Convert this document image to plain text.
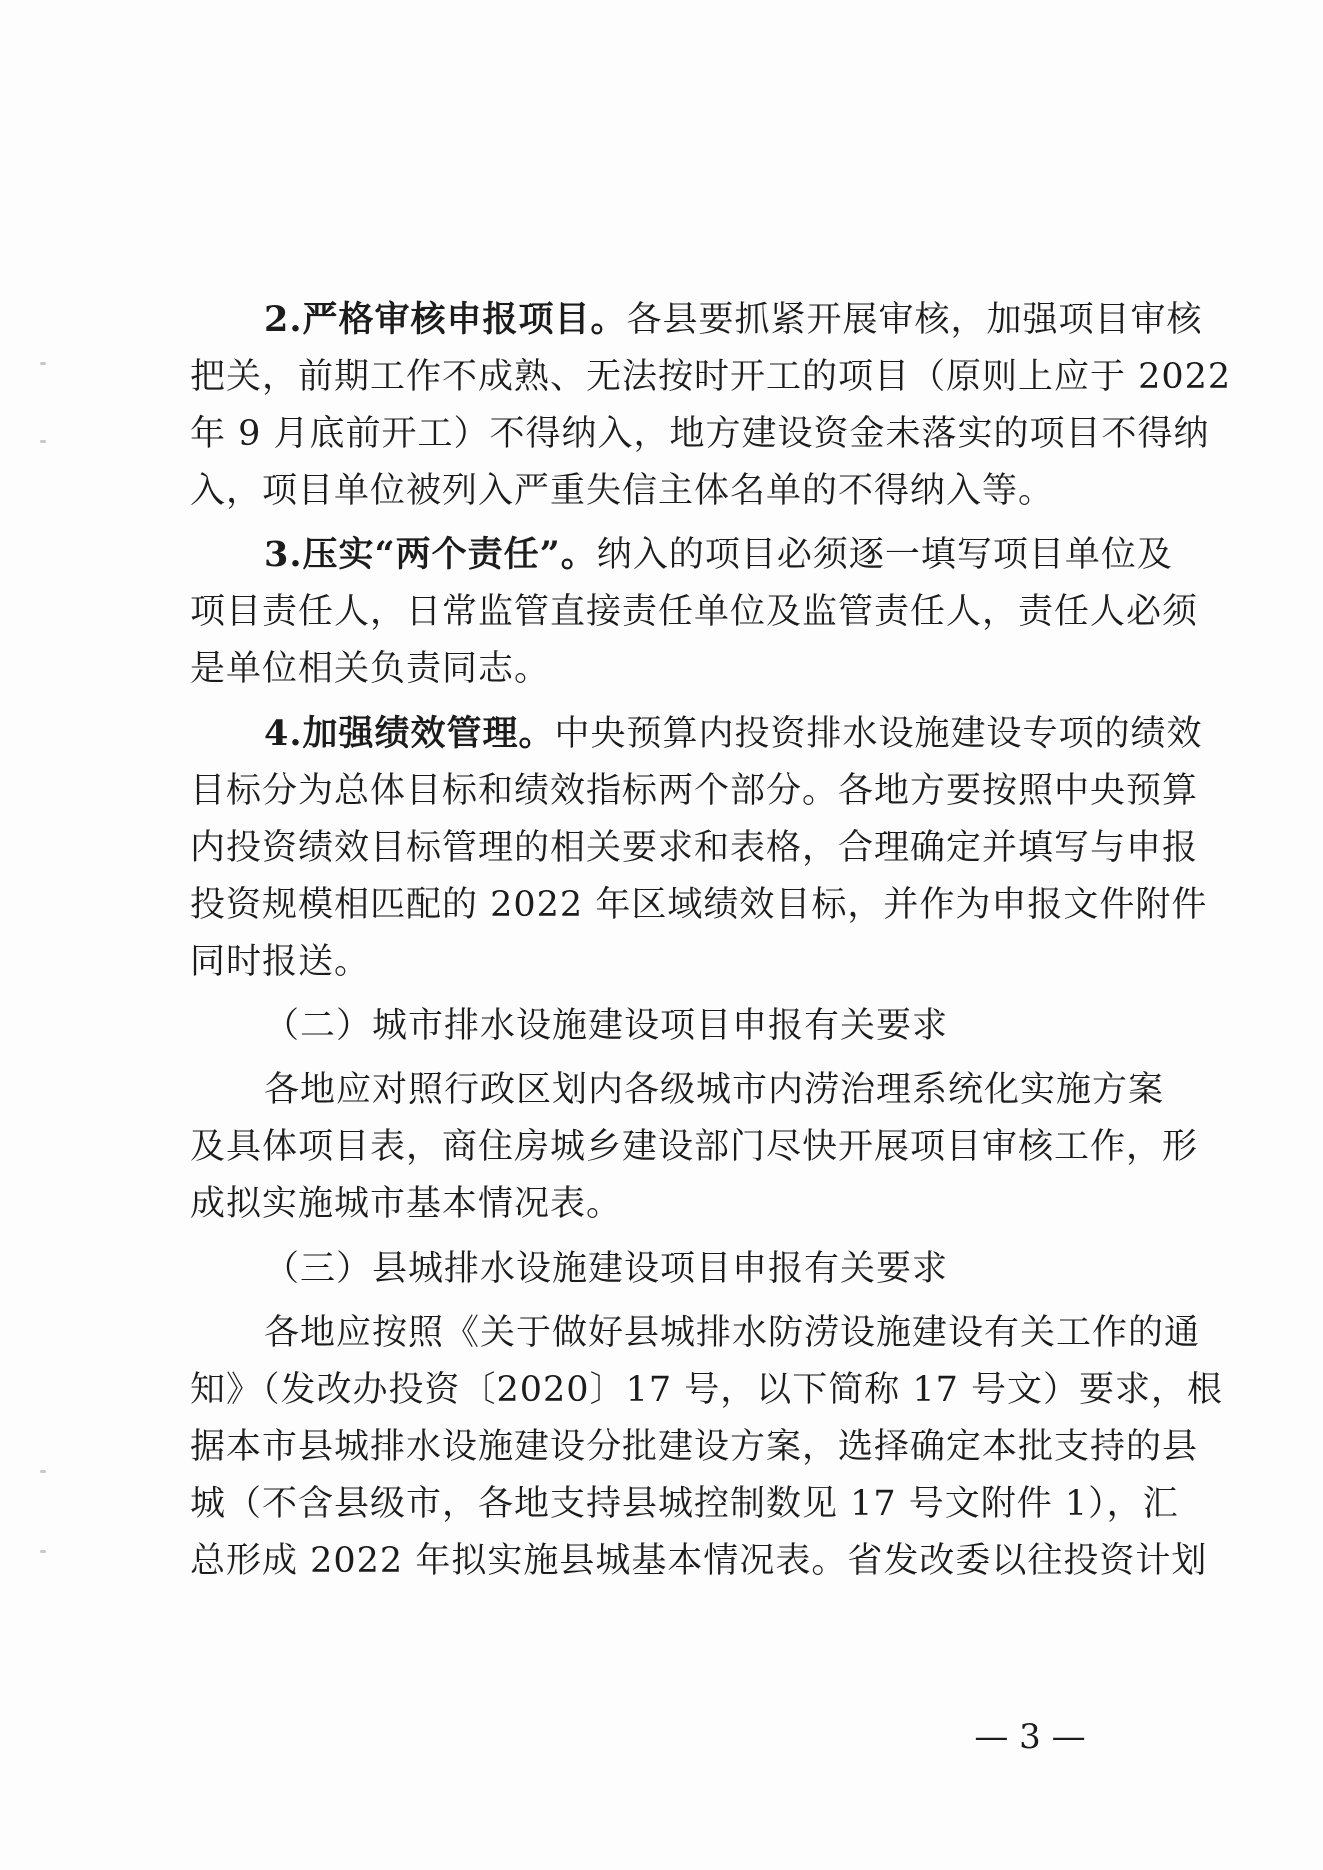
2.严格审核申报项目。各县要抓紧开展审核，加强项目审核
把关，前期工作不成熟、无法按时开工的项目（原则上应于 2022
年 9 月底前开工）不得纳入，地方建设资金未落实的项目不得纳
入，项目单位被列入严重失信主体名单的不得纳入等。
3.压实“两个责任”。纳入的项目必须逐一填写项目单位及
项目责任人，日常监管直接责任单位及监管责任人，责任人必须
是单位相关负责同志。
4.加强绩效管理。中央预算内投资排水设施建设专项的绩效
目标分为总体目标和绩效指标两个部分。各地方要按照中央预算
内投资绩效目标管理的相关要求和表格，合理确定并填写与申报
投资规模相匹配的 2022 年区域绩效目标，并作为申报文件附件
同时报送。
（二）城市排水设施建设项目申报有关要求
各地应对照行政区划内各级城市内涝治理系统化实施方案
及具体项目表，商住房城乡建设部门尽快开展项目审核工作，形
成拟实施城市基本情况表。
（三）县城排水设施建设项目申报有关要求
各地应按照《关于做好县城排水防涝设施建设有关工作的通
知》（发改办投资〔2020〕17 号，以下简称 17 号文）要求，根
据本市县城排水设施建设分批建设方案，选择确定本批支持的县
城（不含县级市，各地支持县城控制数见 17 号文附件 1），汇
总形成 2022 年拟实施县城基本情况表。省发改委以往投资计划
— 3 —
